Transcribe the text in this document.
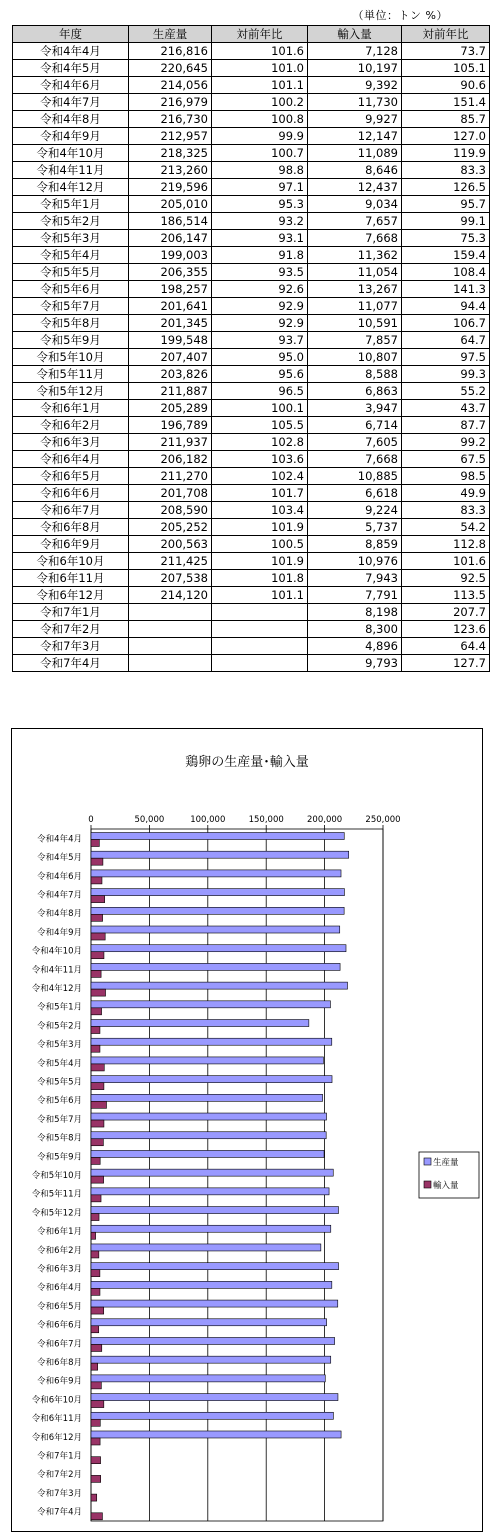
（単位：トン %）
年度	生産量	対前年比	輸入量	対前年比
令和4年4月	216,816	101.6	7,128	73.7
令和4年5月	220,645	101.0	10,197	105.1
令和4年6月	214,056	101.1	9,392	90.6
令和4年7月	216,979	100.2	11,730	151.4
令和4年8月	216,730	100.8	9,927	85.7
令和4年9月	212,957	99.9	12,147	127.0
令和4年10月	218,325	100.7	11,089	119.9
令和4年11月	213,260	98.8	8,646	83.3
令和4年12月	219,596	97.1	12,437	126.5
令和5年1月	205,010	95.3	9,034	95.7
令和5年2月	186,514	93.2	7,657	99.1
令和5年3月	206,147	93.1	7,668	75.3
令和5年4月	199,003	91.8	11,362	159.4
令和5年5月	206,355	93.5	11,054	108.4
令和5年6月	198,257	92.6	13,267	141.3
令和5年7月	201,641	92.9	11,077	94.4
令和5年8月	201,345	92.9	10,591	106.7
令和5年9月	199,548	93.7	7,857	64.7
令和5年10月	207,407	95.0	10,807	97.5
令和5年11月	203,826	95.6	8,588	99.3
令和5年12月	211,887	96.5	6,863	55.2
令和6年1月	205,289	100.1	3,947	43.7
令和6年2月	196,789	105.5	6,714	87.7
令和6年3月	211,937	102.8	7,605	99.2
令和6年4月	206,182	103.6	7,668	67.5
令和6年5月	211,270	102.4	10,885	98.5
令和6年6月	201,708	101.7	6,618	49.9
令和6年7月	208,590	103.4	9,224	83.3
令和6年8月	205,252	101.9	5,737	54.2
令和6年9月	200,563	100.5	8,859	112.8
令和6年10月	211,425	101.9	10,976	101.6
令和6年11月	207,538	101.8	7,943	92.5
令和6年12月	214,120	101.1	7,791	113.5
令和7年1月			8,198	207.7
令和7年2月			8,300	123.6
令和7年3月			4,896	64.4
令和7年4月			9,793	127.7
鶏卵の生産量･輸入量
0	50,000	100,000	150,000	200,000	250,000
令和4年4月
令和4年5月
令和4年6月
令和4年7月
令和4年8月
令和4年9月
令和4年10月
令和4年11月
令和4年12月
令和5年1月
令和5年2月
令和5年3月
令和5年4月
令和5年5月
令和5年6月
令和5年7月
令和5年8月
令和5年9月
令和5年10月
令和5年11月
令和5年12月
令和6年1月
令和6年2月
令和6年3月
令和6年4月
令和6年5月
令和6年6月
令和6年7月
令和6年8月
令和6年9月
令和6年10月
令和6年11月
令和6年12月
令和7年1月
令和7年2月
令和7年3月
令和7年4月
生産量
輸入量
